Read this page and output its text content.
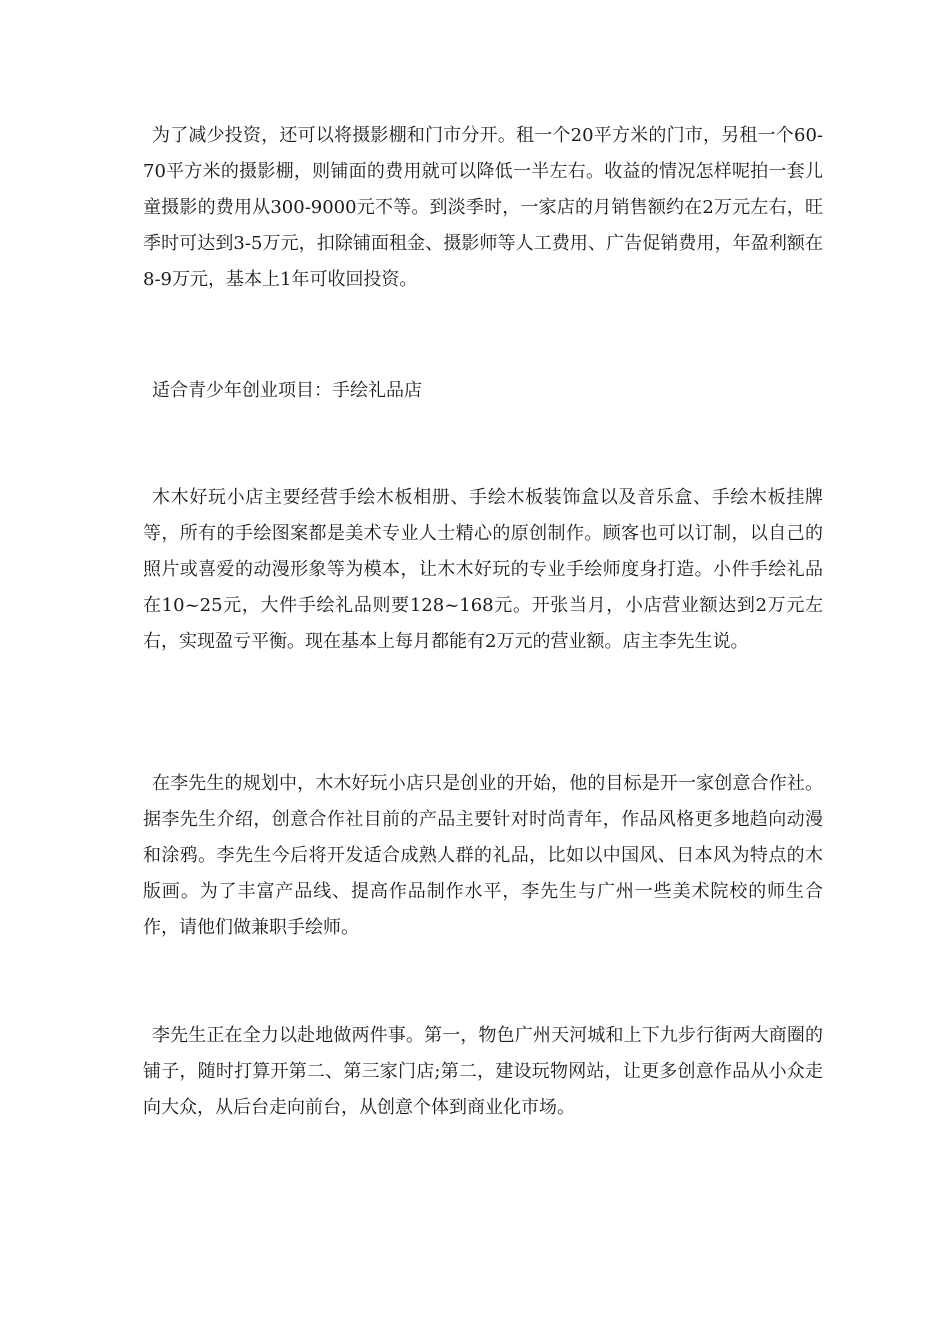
为了减少投资，还可以将摄影棚和门市分开。租一个20平方米的门市，另租一个60-70平方米的摄影棚，则铺面的费用就可以降低一半左右。收益的情况怎样呢拍一套儿童摄影的费用从300-9000元不等。到淡季时，一家店的月销售额约在2万元左右，旺季时可达到3-5万元，扣除铺面租金、摄影师等人工费用、广告促销费用，年盈利额在8-9万元，基本上1年可收回投资。

适合青少年创业项目：手绘礼品店

木木好玩小店主要经营手绘木板相册、手绘木板装饰盒以及音乐盒、手绘木板挂牌等，所有的手绘图案都是美术专业人士精心的原创制作。顾客也可以订制，以自己的照片或喜爱的动漫形象等为模本，让木木好玩的专业手绘师度身打造。小件手绘礼品在10~25元，大件手绘礼品则要128~168元。开张当月，小店营业额达到2万元左右，实现盈亏平衡。现在基本上每月都能有2万元的营业额。店主李先生说。

在李先生的规划中，木木好玩小店只是创业的开始，他的目标是开一家创意合作社。据李先生介绍，创意合作社目前的产品主要针对时尚青年，作品风格更多地趋向动漫和涂鸦。李先生今后将开发适合成熟人群的礼品，比如以中国风、日本风为特点的木版画。为了丰富产品线、提高作品制作水平，李先生与广州一些美术院校的师生合作，请他们做兼职手绘师。

李先生正在全力以赴地做两件事。第一，物色广州天河城和上下九步行街两大商圈的铺子，随时打算开第二、第三家门店;第二，建设玩物网站，让更多创意作品从小众走向大众，从后台走向前台，从创意个体到商业化市场。
